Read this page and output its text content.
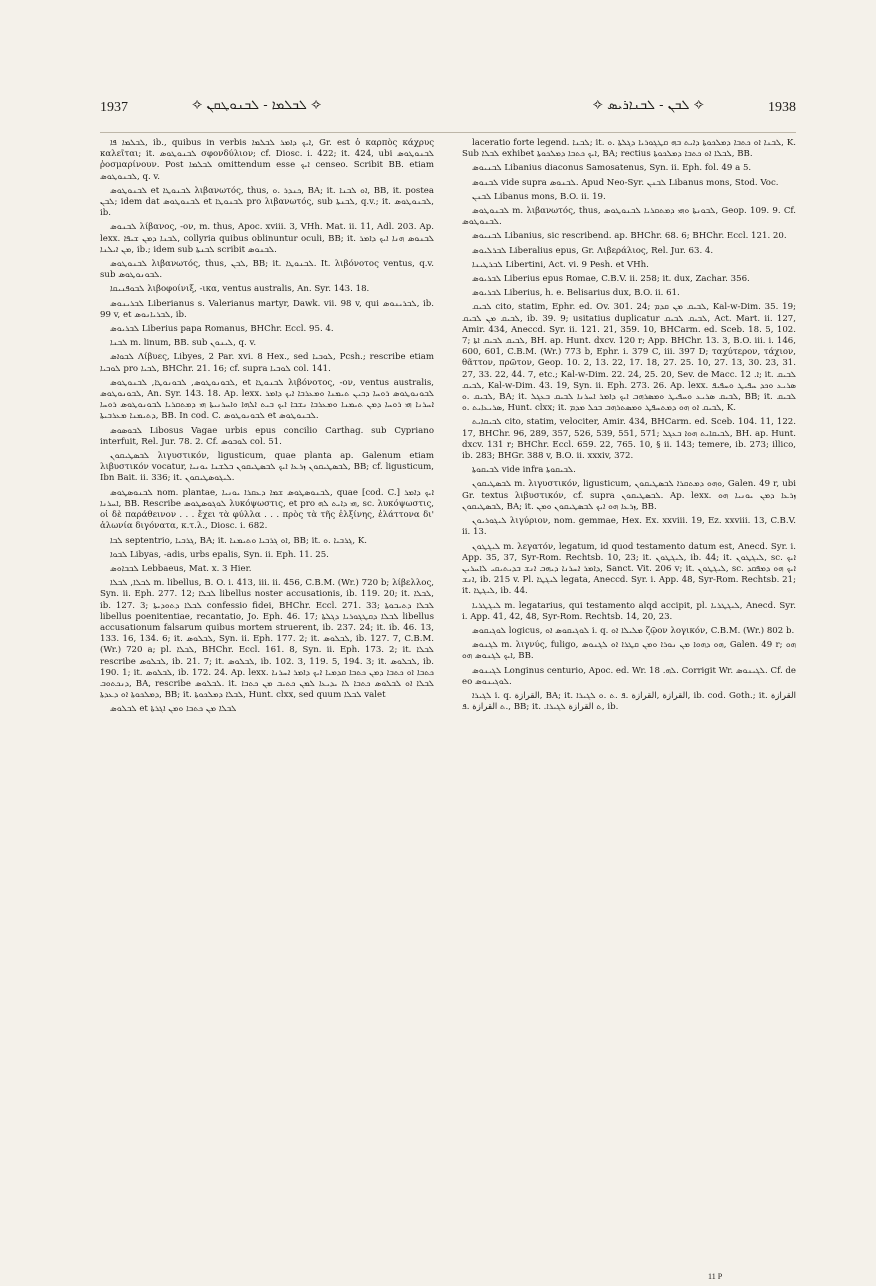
1937	✧ ܠܒܠܡܐ ‑ ܠܒܢܘܛܩܢ ✧	✧ ܠܒܢ ‑ ܠܒܢܐܪܝܣ ✧	1938

ܠܒܠܡܐ ܦܐ, ib., quibus in verbis ܐܝܟ ܕܐܡܪ ܠܒܠܡܐ, Gr. est ὁ καρπὸς κάχρυς καλεῖται; it. ܠܒܢܘܛܘܣ σφονδύλιον; cf. Diosc. i. 422; it. 424, ubi ܠܒܢܘܛܘܣ ῥοσμαρίνουν. Post ܠܒܠܡܐ omittendum esse ܐܝܟ censeo. Scribit BB. etiam ܠܒܢܘܛܘܣ, q. v.

ܠܒܢܘܛܘܣ et ܠܒܢܘܛܐ λιβανωτός, thus, ܟܢܕܪ .ܘ, BA; it. ܐܘ ܠܒܢܐ, BB, it. postea ܠܒܢ; idem dat ܠܒܢܘܛܘܣ et ܠܒܢܘܛܐ pro λιβανωτός, sub ܠܒܢܬܐ, q.v.; it. ܠܒܢܘܛܘܣ, ib.

ܠܒܢܘܣ λίβανος, -ον, m. thus, Apoc. xviii. 3, VHh. Mat. ii. 11, Adl. 203. Ap. lexx. ܠܒܢܐ ܕܡܢ ܫܝܦܐ, collyria quibus oblinuntur oculi, BB; it. ܠܒܢܘܣ ܗܢܐ ܐܝܟ ܕܐܡܪ ܡܢ ܐܝܠܢܐ, ib.; idem sub ܠܒܢܬܐ scribit ܠܒܢܘܣ.

ܠܒܢܘܛܘܣ λιβανωτός, thus, ܠܒܢ, BB; it. ܠܒܢܘܛܐ. It. λιβόνοτος ventus, q.v. sub ܠܒܘܢܘܛܘܣ.

ܠܒܘܦܢܝܩܐ λιβοφοίνιξ, -ικα, ventus australis, An. Syr. 143. 18.

ܠܒܪܝܢܘܣ Liberianus s. Valerianus martyr, Dawk. vii. 98 v, qui ܠܒܪܝܢܘܣ, ib. 99 v, et ܠܒܪܝܐܢܘܣ, ib.

ܠܒܪܝܘܣ Liberius papa Romanus, BHChr. Eccl. 95. 4.

ܠܒܢܐ m. linum, BB. sub ܠܝܢܘܢ, q. v.

ܠܒܘܐܣ Λίβυες, Libyes, 2 Par. xvi. 8 Hex., sed ܠܘܒܝܐ, Pcsh.; rescribe etiam ܠܘܒܝܐ pro ܠܒܝܐ, BHChr. 21. 16; cf. supra ܠܘܒܝܐ col. 141.

ܠܒܘܢܘܛܘܣ, ܠܒܘܢܘܛܐ, ܠܒܢܘܛܘܣ, et ܠܒܢܘܛܐ λιβόνοτος, -ον, ventus australis, ܠܒܘܢܘܛܘܣ, An. Syr. 143. 18. Ap. lexx. ܠܒܘܢܘܛܘܣ ܪܘܚܐ ܕܒܝܢ ܬܝܡܢܐ ܘܡܥܪܒܐ ܐܝܟ ܕܐܡܪ ܐܚܪܢܐ ܗܝ ܪܘܚܐ ܕܡܢ ܬܝܡܢܐ ܘܡܥܪܒܐ ܢܫܒܐ ܐܝܟ ܒܝܬ ܐܠܗܐ ܘܐܚܪܢܝܬܐ ܗܝ ܕܡܬܩܪܝܐ ܠܒܘܢܘܛܘܣ ܪܘܚܐ ܕܬܝܡܢܐ ܡܥܪܒܝܬܐ, BB. In cod. C. ܠܒܘܢܘܛܘܣ et ܠܒܢܘܛܘܣ.

ܠܒܘܣܘܣ Libosus Vagae urbis epus concilio Carthag. sub Cypriano interfuit, Rel. Jur. 78. 2. Cf. ܠܘܒܘܣ col. 51.

ܠܒܣܛܝܩܘܢ λιγυστικόν, ligusticum, quae planta ap. Galenum etiam λιβυστικόν vocatur, ܠܒܣܛܝܩܘܢ ܙܪܥܐ ܐܝܟ ܠܒܣܛܝܩܘܢ ܒܠܫܢܐ ܝܘܢܝܐ, BB; cf. ligusticum, Ibn Bait. ii. 336; it. ܠܝܓܘܣܛܝܩܘܢ.

ܠܒܢܘܣܛܘܣ nom. plantae, ܠܒܢܘܣܛܘܣ ܫܡܐ ܕܥܩܪܐ ܝܘܢܝܐ, quae [cod. C.] ܐܝܟ ܕܐܡܪ ܐܚܪܢܐ, BB. Rescribe ܠܘܓܘܣܛܘܣ λυκόψωστις, et pro ܗܝ ܕܐܝܬ ܠܗ, sc. λυκόψωστις, οἱ δὲ παράθεινον . . . ἔχει τὰ φύλλα . . . πρὸς τὰ τῆς ἐλξίνης, ἐλάττονα δι' ἀλωνία διγόνατα, κ.τ.λ., Diosc. i. 682.

ܠܒܐ septentrio, ܓܪܒܝܐ, BA; it. ܐܘ ܓܪܒܝܐ ܘܬܝܡܢܐ, BB; it. ܓܪܒܝܐ .ܘ, K.

ܠܒܘܐ Libyas, -adis, urbs epalis, Syn. ii. Eph. 11. 25.

ܠܒܒܐܘܣ Lebbaeus, Mat. x. 3 Hier.

ܠܒܠܐ, ܠܒܠܐ m. libellus, B. O. i. 413, iii. ii. 456, C.B.M. (Wr.) 720 b; λίβελλος, Syn. ii. Eph. 277. 12; ܠܒܠܐ libellus noster accusationis, ib. 119. 20; it. ܠܒܠܐ, ib. 127. 3; ܠܒܠܐ ܕܬܘܕܝܬܐ confessio fidei, BHChr. Eccl. 271. 33; ܠܒܠܐ ܕܬܝܒܘܬܐ libellus poenitentiae, recantatio, Jo. Eph. 46. 17; ܠܒܠܐ ܕܩܛܓܘܪܝܐ ܕܓܠܬܐ libellus accusationum falsarum quibus mortem struerent, ib. 237. 24; it. ib. 46. 13, 133. 16, 134. 6; it. ܠܒܠܘܣ, Syn. ii. Eph. 177. 2; it. ܠܒܠܘܣ, ib. 127. 7, C.B.M.(Wr.) 720 a; pl. ܠܒܠܐ, BHChr. Eccl. 161. 8, Syn. ii. Eph. 173. 2; it. ܠܒܠܐ rescribe ܠܒܠܘܣ, ib. 21. 7; it. ܠܒܠܘܣ, ib. 102. 3, 119. 5, 194. 3; it. ܠܒܠܘܣ, ib. 190. 1; it. ܠܒܠܘܣ, ib. 172. 24. Ap. lexx. ܟܬܒܐ ܐܘ ܟܬܒܐ ܕܡܢ ܟܬܒܐ ܩܕܡܝܐ ܐܝܟ ܕܐܡܪ ܐܚܪܢܐ ܕܢܟܬܘܒ, BA, rescribe ܠܒܠܘܣ. it. ܠܒܠܐ ܐܘ ܠܒܠܘܣ ܟܬܒܐ ܠܐ ܝܕܝܥܐ ܠܡܢ ܟܬܝܒ ܡܢ ܟܬܒܐ ܕܡܠܟܘܬܐ ܐܘ ܕܥܕܬܐ, BB; it. ܠܒܠܐ ܕܡܠܟܘܬܐ, Hunt. clxx, sed quum ܠܒܠܐ valet

ܠܒܠܘܣ et ܠܒܠܐ ܡܢ ܟܬܒܐ ܘܡܢ ܐܓܪܬܐ

laceratio forte legend. ܠܒܢܐ; it. ܠܒܢܐ ܐܘ ܟܬܒܐ ܕܡܠܟܘܬܐ ܕܐܝܬ ܒܗ ܩܛܓܘܪܝܐ ܕܓܠܬܐ .ܘ, K. Sub ܠܒܠܐ exhibet ܐܝܟ ܟܬܒܐ ܕܡܠܟܘܬܐ, BA; rectius ܠܒܠܐ ܐܘ ܟܬܒܐ ܕܡܠܟܘܬܐ, BB.

ܠܒܢܝܘܣ Libanius diaconus Samosatenus, Syn. ii. Eph. fol. 49 a 5.

ܠܒܢܘܣ vide supra ܠܒܢܘܣ. Apud Neo-Syr. ܠܒܢܢ Libanus mons, Stod. Voc.

ܠܒܢܢ Libanus mons, B.O. ii. 19.

ܠܒܢܘܛܘܣ m. λιβανωτός, thus, ܠܒܘܢܬܐ ܘܗܝ ܕܡܬܩܪܝܐ ܠܒܢܘܛܘܣ, Geop. 109. 9. Cf. ܠܒܢܘܛܘܣ.

ܠܒܢܝܘܣ Libanius, sic rescribend. ap. BHChr. 68. 6; BHChr. Eccl. 121. 20.

ܠܒܪܠܝܘܣ Liberalius epus, Gr. Λιβεράλιος, Rel. Jur. 63. 4.

ܠܒܪܛܝܢܐ Libertini, Act. vi. 9 Pesh. et VHh.

ܠܒܪܝܘܣ Liberius epus Romae, C.B.V. ii. 258; it. dux, Zachar. 356.

ܠܒܪܝܘܣ Liberius, h. e. Belisarius dux, B.O. ii. 61.

ܠܒܝܩ cito, statim, Ephr. ed. Ov. 301. 24; ܠܒܝܩ ܡܢ ܩܕܡ, Kal-w-Dim. 35. 19; ܠܒܝܩ ܡܢ ܠܒܝܩ, ib. 39. 9; usitatius duplicatur ܠܒܝܩ ܠܒܝܩ, Act. Mart. ii. 127, Amir. 434, Aneccd. Syr. ii. 121. 21, 359. 10, BHCarm. ed. Sceb. 18. 5, 102. 7; ܠܒܝܩ ܠܒܝܩ ܐܬܐ, BH. ap. Hunt. dxcv. 120 r; App. BHChr. 13. 3, B.O. iii. i. 146, 600, 601, C.B.M. (Wr.) 773 b, Ephr. i. 379 C, iii. 397 D; ταχύτερον, τάχιον, θᾶττον, πρῶτον, Geop. 10. 2, 13. 22, 17. 18, 27. 25. 10, 27. 13, 30. 23, 31. 27, 33. 22, 44. 7, etc.; Kal-w-Dim. 22. 24, 25. 20, Sev. de Macc. ܐ. 12; it. ܠܒܝܩ ܠܒܝܩ, Kal-w-Dim. 43. 19, Syn. ii. Eph. 273. 26. Ap. lexx. ܣܪܝܥ ܘܟܕ ܚܦܝܛ ܘܚܦܝܦ ܠܒܝܩ .ܘ, BA; it. ܠܒܝܩ ܣܪܝܥ ܘܚܦܝܛ ܘܡܣܪܗܒ ܐܝܟ ܕܐܡܪ ܐܚܪܢܐ ܠܒܝܩ ܒܥܓܠ, BB; it. ܠܒܝܩ ܣܪܝܥܐܝܬ .ܘ, Hunt. clxx; it. ܠܒܝܩ ܐܘ ܗܘ ܕܡܬܚܦܛ ܘܡܣܬܪܗܒ ܒܟܠ ܡܕܡ, K.

ܠܒܝܩܐܝܬ cito, statim, velociter, Amir. 434, BHCarm. ed. Sceb. 104. 11, 122. 17, BHChr. 96, 289, 357, 526, 539, 551, 571; ܠܒܝܩܐܝܬ ܗܘܐ ܒܥܓܠ, BH. ap. Hunt. dxcv. 131 r; BHChr. Eccl. 659. 22, 765. 10, § ii. 143; temere, ib. 273; illico, ib. 283; BHGr. 388 v, B.O. ii. xxxiv, 372.

ܠܒܝܩܘܬܐ vide infra ܠܒܝܩܘܬܐ.

ܠܒܣܛܝܩܘܢ m. λιγυστικόν, ligusticum, ܘܗܘ ܕܡܬܩܪܐ ܠܒܣܛܝܩܘܢ, Galen. 49 r, ubi Gr. textus λιβυστικόν, cf. supra ܠܒܣܛܝܩܘܢ. Ap. lexx. ܙܪܥܐ ܕܡܢ ܝܘܢܝܐ ܗܘ ܠܒܣܛܝܩܘܢ, BA; it. ܙܪܥܐ ܗܘ ܐܝܟ ܠܒܣܛܝܩܘܢ ܘܡܢ, BB.

ܠܝܓܘܪܝܘܢ λιγύριον, nom. gemmae, Hex. Ex. xxviii. 19, Ez. xxviii. 13, C.B.V. ii. 13.

ܠܝܓܛܘܢ m. λεγατόν, legatum, id quod testamento datum est, Anecd. Syr. i. App. 35, 37, Syr-Rom. Rechtsb. 10, 23; it. ܠܝܓܛܘܢ, ib. 44; it. ܠܝܓܛܘܢ, sc. ܐܝܟ ܕܐܡܪ ܐܚܪܢܐ ܕܝܗܒ ܐܢܫ ܒܕܝܬܝܩܝ ܠܐܚܪܝܢ, Sanct. Vit. 206 v; it. ܠܝܓܛܘܢ, sc. ܐܝܟ ܗܘ ܕܡܦܩܕ ܐܢܫ, ib. 215 v. Pl. ܠܝܓܛܐ legata, Aneccd. Syr. i. App. 48, Syr-Rom. Rechtsb. 21; it. ܠܝܓܛܐ, ib. 44.

ܠܝܓܛܪܝܐ m. legatarius, qui testamento alqd accipit, pl. ܠܝܓܛܪܝܐ, Anecd. Syr. i. App. 41, 42, 48, Syr-Rom. Rechtsb. 14, 20, 23.

ܠܘܓܝܩܘܣ logicus, ܠܘܓܝܩܘܣ ܐܘ i. q. ܡܠܝܠܐ ܐܘ ζῷον λογικόν, C.B.M. (Wr.) 802 b.

ܠܓܢܘܣ m. λιγνύς, fuligo, ܗܘ ܕܗܘܐ ܡܢ ܢܘܪܐ ܘܡܢ ܩܛܪܐ ܐܘ ܠܓܢܘܣ, Galen. 49 r; ܗܘ ܐܝܟ ܠܓܢܘܣ ܗܘ, BB.

ܠܓܝܢܘܣ Longinus centurio, Apoc. ed. Wr. ܠܗ. 18. Corrigit Wr. ܠܓܝܢܘܣ. Cf. de eo ܠܘܓܝܢܘܣ.

ܠܓܝܪܐ i. q. القرازة, BA; it. القرازة ,القرازة .ܦ .ܬ .ܘ ܠܓܝܪܐ, ib. cod. Goth.; it. القرازة .ܬ القرازة .ܦ, BB; it. .ܬ القرازة ܠܓܝܪܐ, ib.

11 P
